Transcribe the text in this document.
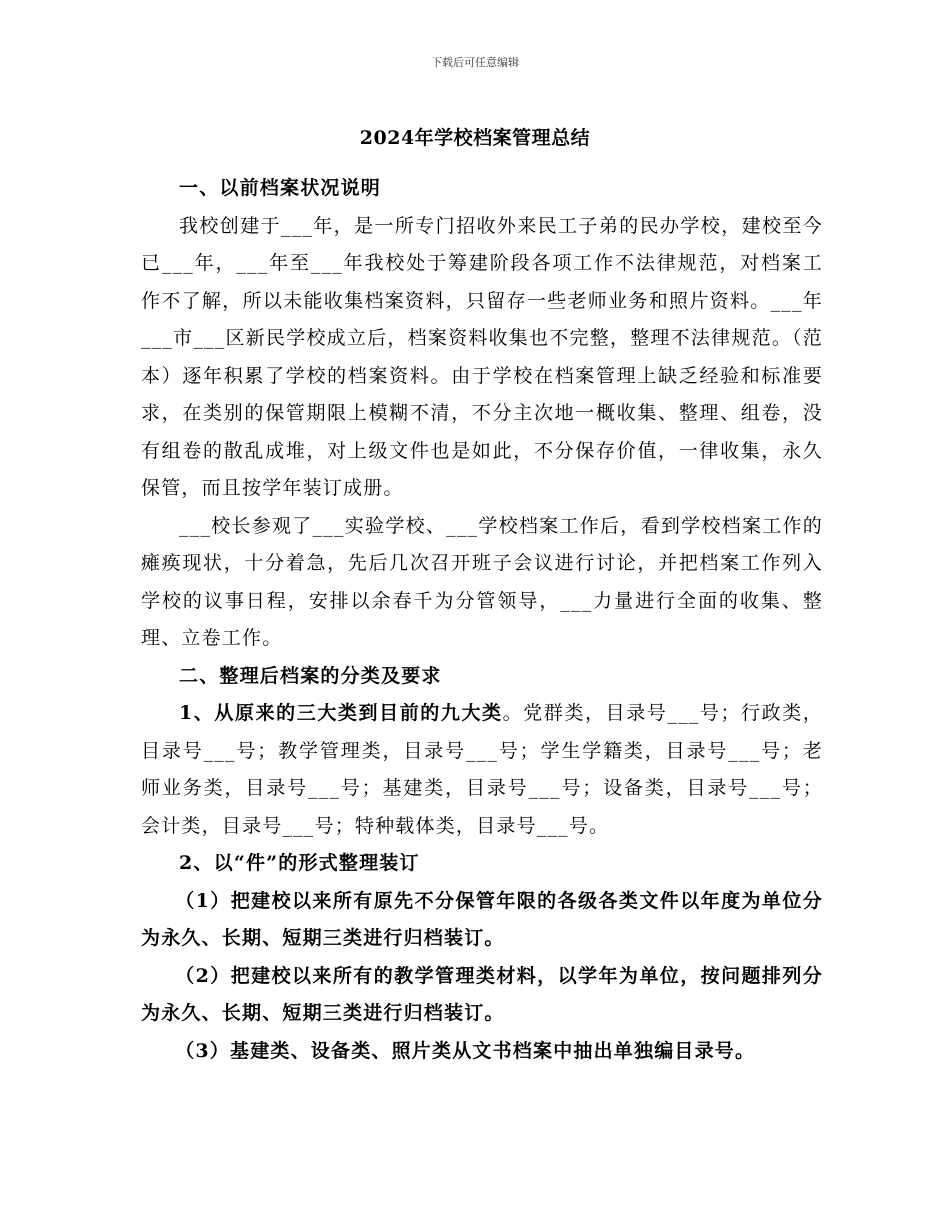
下载后可任意编辑
2024年学校档案管理总结

一、以前档案状况说明

我校创建于___年，是一所专门招收外来民工子弟的民办学校，建校至今已___年，___年至___年我校处于筹建阶段各项工作不法律规范，对档案工作不了解，所以未能收集档案资料，只留存一些老师业务和照片资料。___年___市___区新民学校成立后，档案资料收集也不完整，整理不法律规范。（范本）逐年积累了学校的档案资料。由于学校在档案管理上缺乏经验和标准要求，在类别的保管期限上模糊不清，不分主次地一概收集、整理、组卷，没有组卷的散乱成堆，对上级文件也是如此，不分保存价值，一律收集，永久保管，而且按学年装订成册。

___校长参观了___实验学校、___学校档案工作后，看到学校档案工作的瘫痪现状，十分着急，先后几次召开班子会议进行讨论，并把档案工作列入学校的议事日程，安排以余春千为分管领导，___力量进行全面的收集、整理、立卷工作。

二、整理后档案的分类及要求

1、从原来的三大类到目前的九大类。党群类，目录号___号；行政类，目录号___号；教学管理类，目录号___号；学生学籍类，目录号___号；老师业务类，目录号___号；基建类，目录号___号；设备类，目录号___号；会计类，目录号___号；特种载体类，目录号___号。

2、以“件”的形式整理装订

（1）把建校以来所有原先不分保管年限的各级各类文件以年度为单位分为永久、长期、短期三类进行归档装订。

（2）把建校以来所有的教学管理类材料，以学年为单位，按问题排列分为永久、长期、短期三类进行归档装订。

（3）基建类、设备类、照片类从文书档案中抽出单独编目录号。
